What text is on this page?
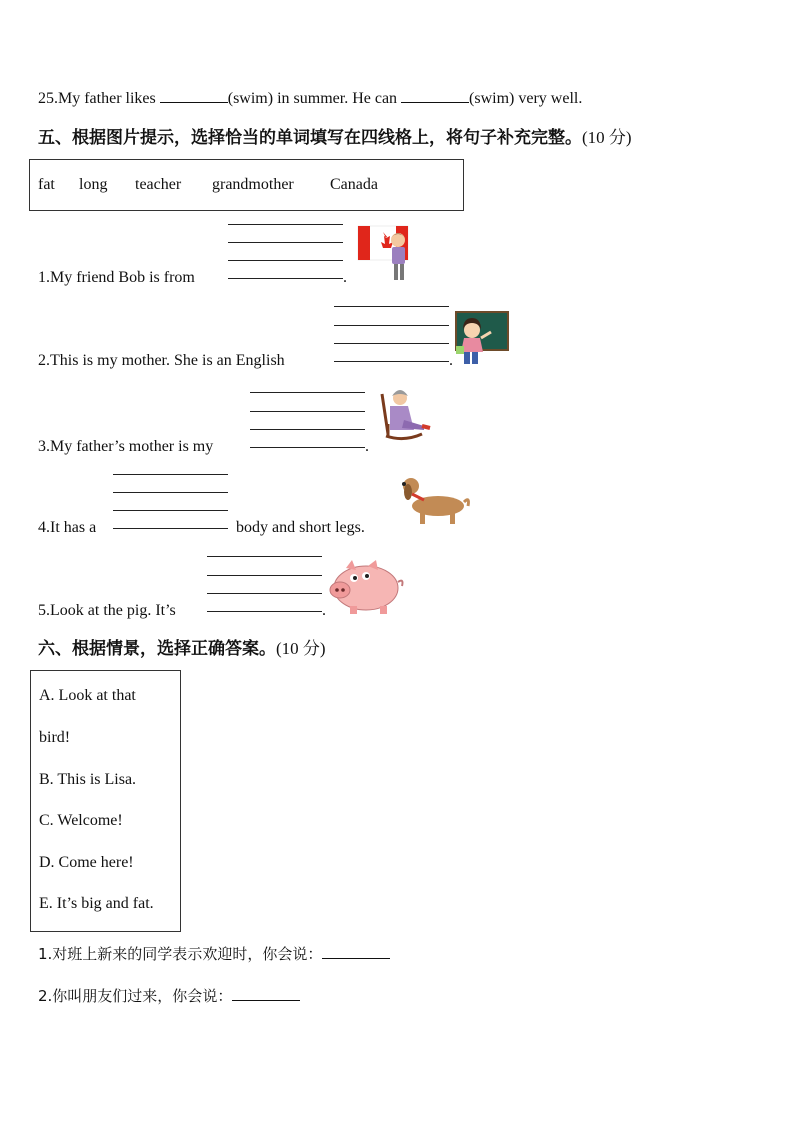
25.My father likes	(swim) in summer. He can	(swim) very well.
五、根据图片提示，选择恰当的单词填写在四线格上，将句子补充完整。(10 分)
fat long teacher grandmother Canada
1.My friend Bob is from	.
2.This is my mother. She is an English	.
3.My father’s mother is my	.
4.It has a	body and short legs.
5.Look at the pig. It’s	.
六、根据情景，选择正确答案。(10 分)
A. Look at that
bird!
B. This is Lisa.
C. Welcome!
D. Come here!
E. It’s big and fat.
1.对班上新来的同学表示欢迎时，你会说：
2.你叫朋友们过来，你会说：
